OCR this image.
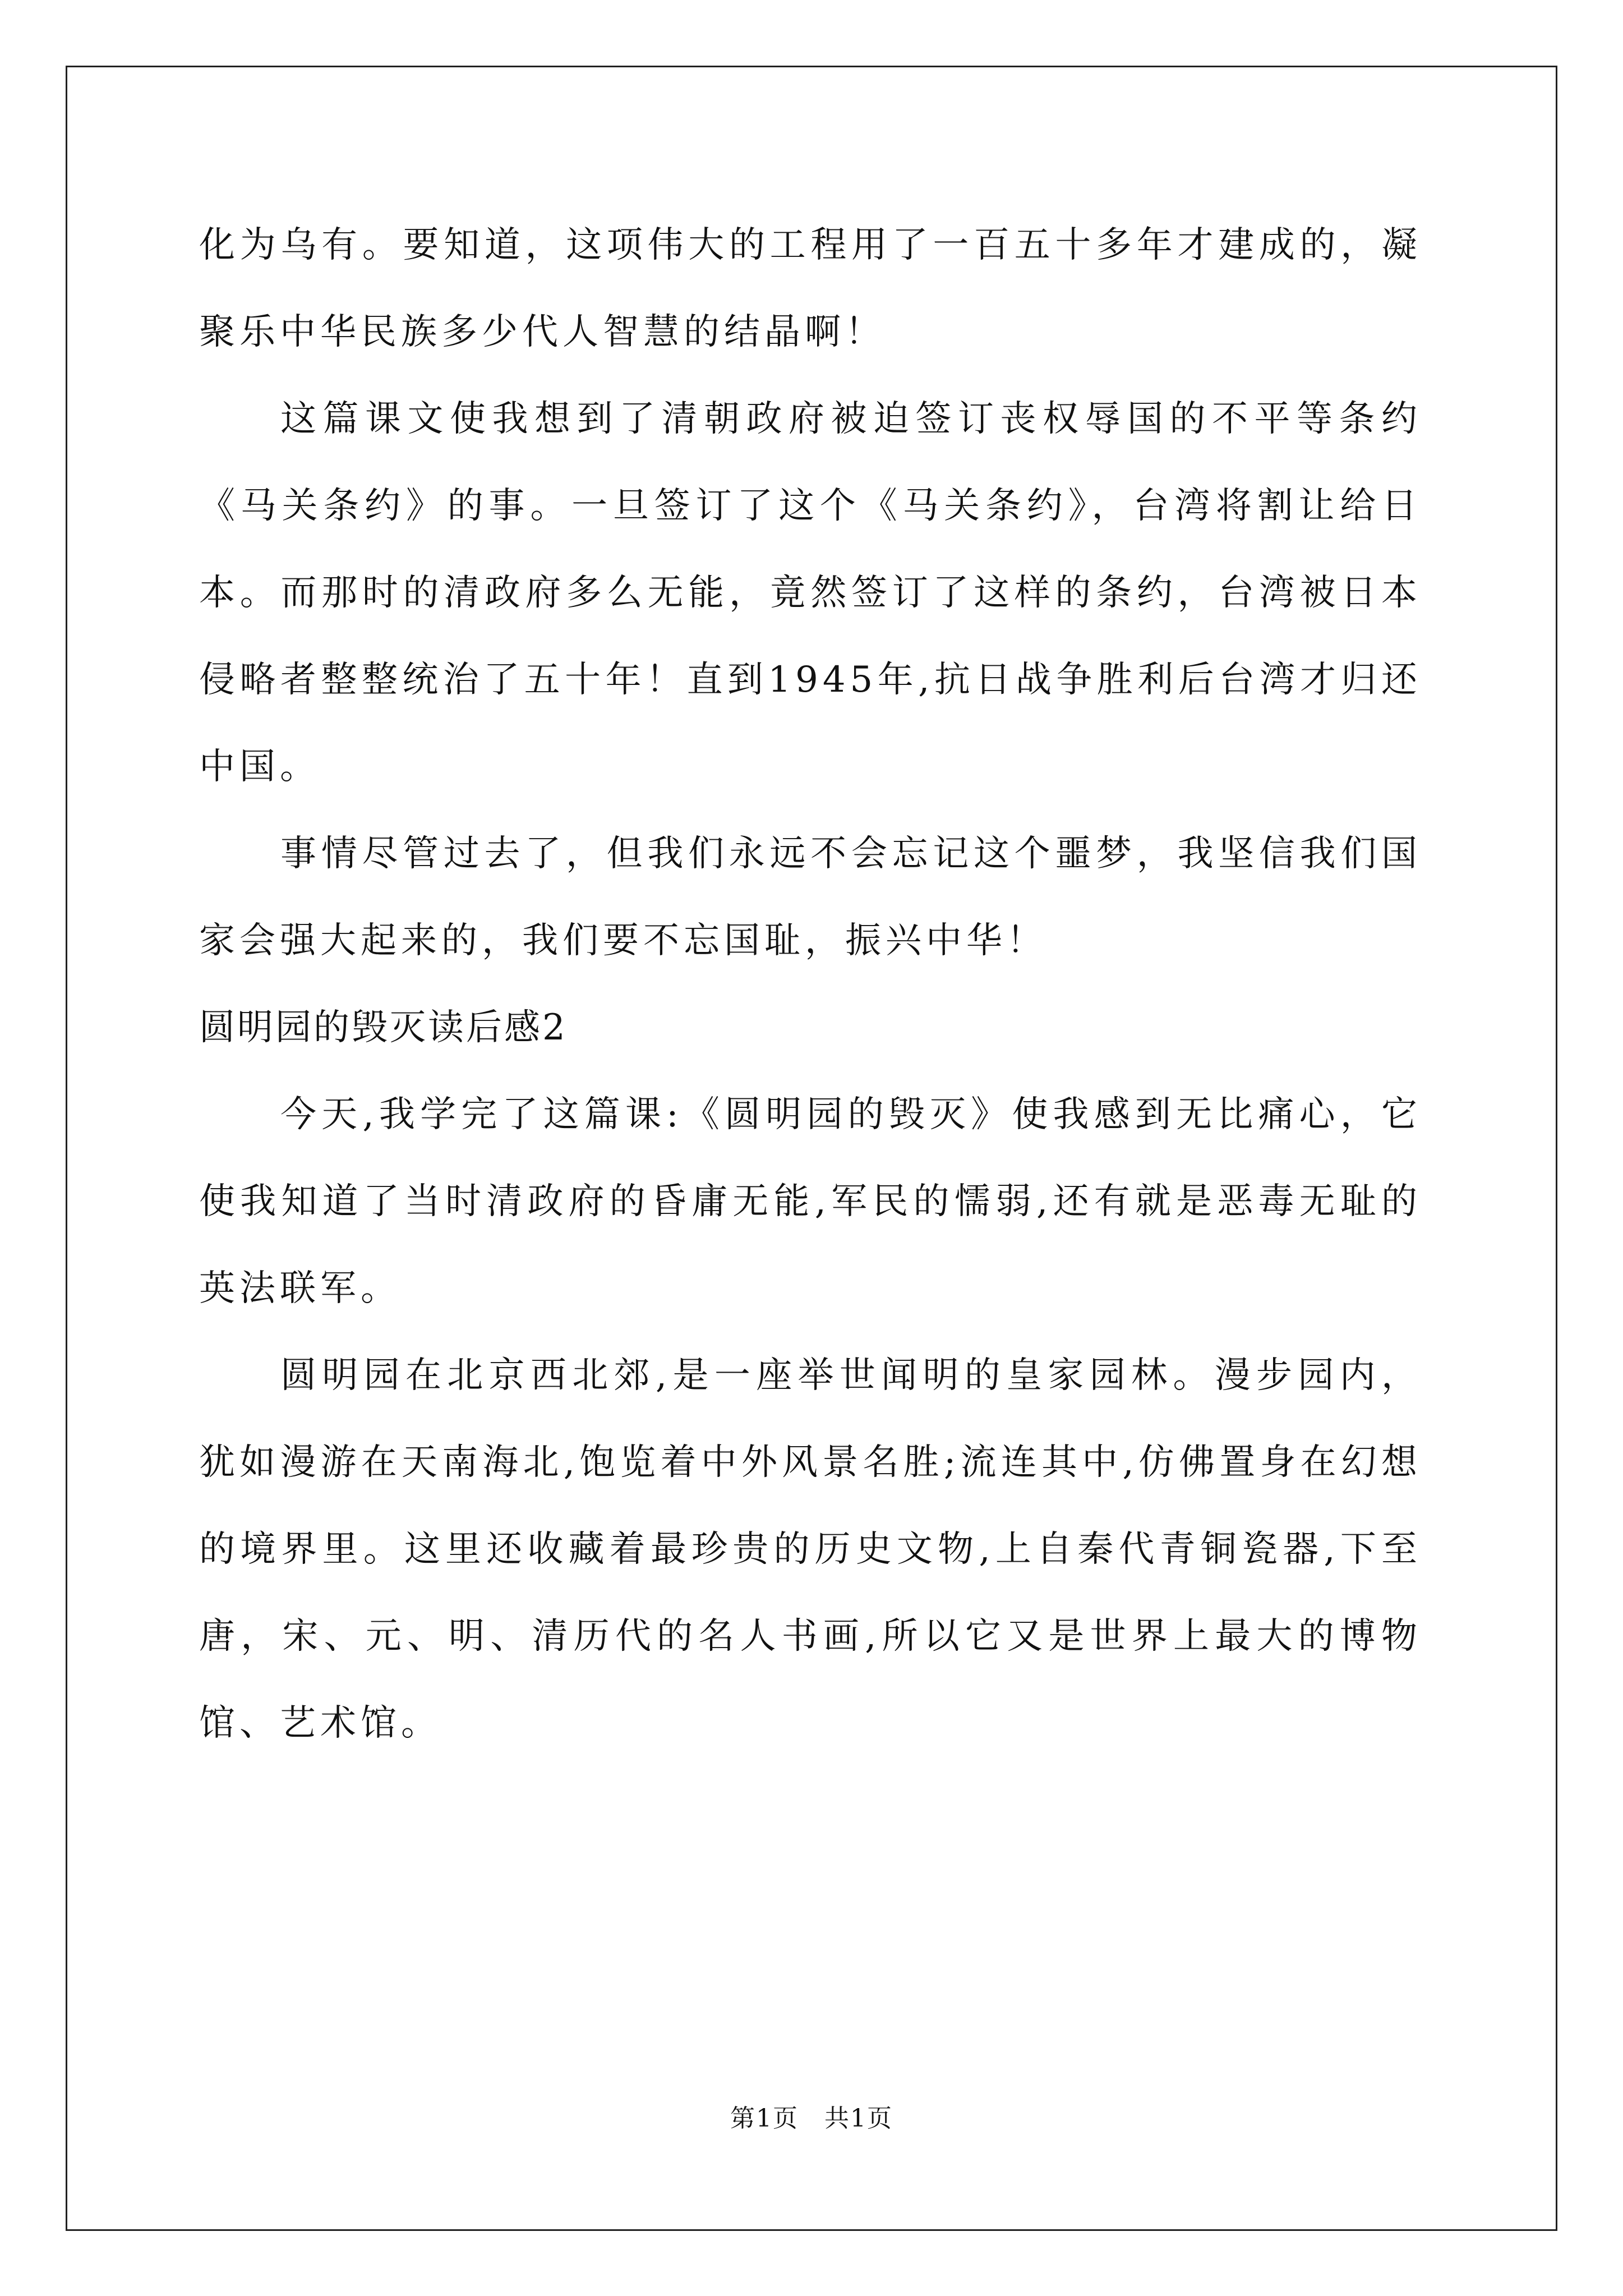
化为乌有。要知道，这项伟大的工程用了一百五十多年才建成的，凝聚乐中华民族多少代人智慧的结晶啊！

这篇课文使我想到了清朝政府被迫签订丧权辱国的不平等条约《马关条约》的事。一旦签订了这个《马关条约》，台湾将割让给日本。而那时的清政府多么无能，竟然签订了这样的条约，台湾被日本侵略者整整统治了五十年！直到1945年,抗日战争胜利后台湾才归还中国。

事情尽管过去了，但我们永远不会忘记这个噩梦，我坚信我们国家会强大起来的，我们要不忘国耻，振兴中华！

圆明园的毁灭读后感2

今天,我学完了这篇课:《圆明园的毁灭》使我感到无比痛心，它使我知道了当时清政府的昏庸无能,军民的懦弱,还有就是恶毒无耻的英法联军。

圆明园在北京西北郊,是一座举世闻明的皇家园林。漫步园内，犹如漫游在天南海北,饱览着中外风景名胜;流连其中,仿佛置身在幻想的境界里。这里还收藏着最珍贵的历史文物,上自秦代青铜瓷器,下至唐，宋、元、明、清历代的名人书画,所以它又是世界上最大的博物馆、艺术馆。

第1页　共1页
